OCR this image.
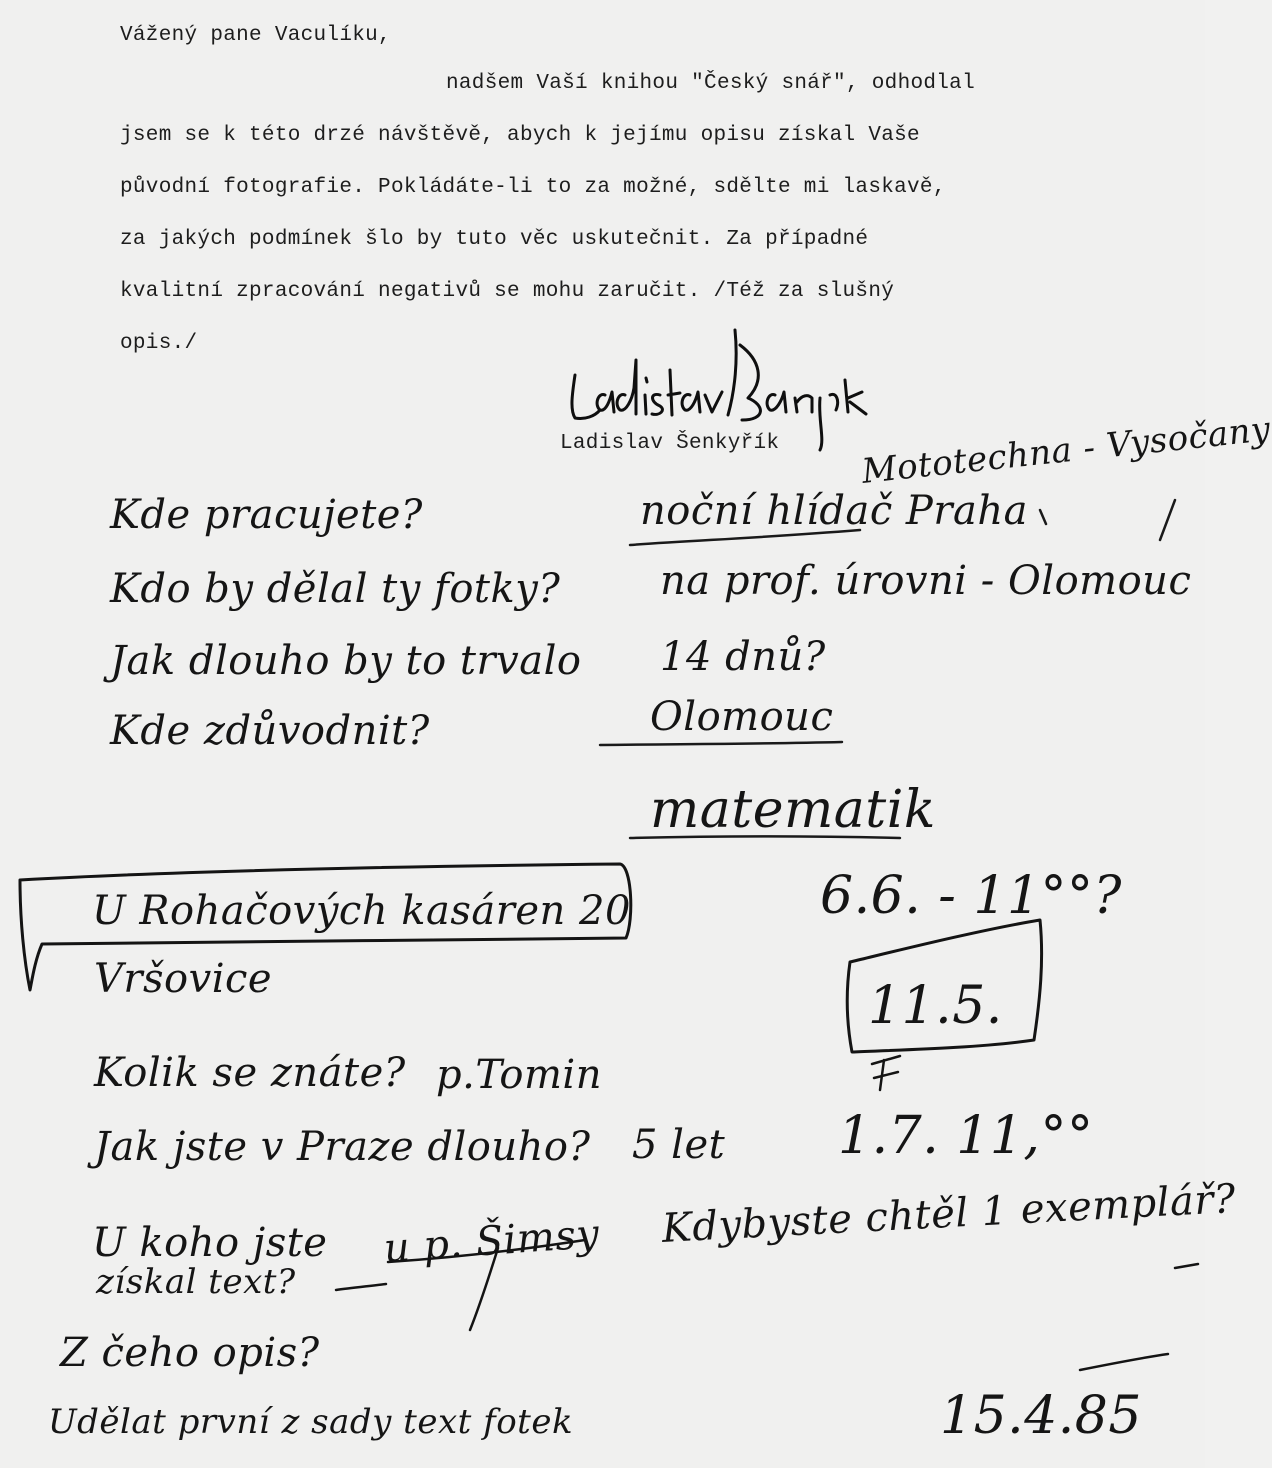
Vážený pane Vaculíku,
nadšem Vaší knihou "Český snář", odhodlal
jsem se k této drzé návštěvě, abych k jejímu opisu získal Vaše
původní fotografie. Pokládáte-li to za možné, sdělte mi laskavě,
za jakých podmínek šlo by tuto věc uskutečnit. Za případné
kvalitní zpracování negativů se mohu zaručit. /Též za slušný
opis./
Ladislav Šenkyřík
Kde pracujete?
Kdo by dělal ty fotky?
Jak dlouho by to trvalo
Kde zdůvodnit?
Mototechna - Vysočany
noční hlídač Praha
na prof. úrovni - Olomouc
14 dnů?
Olomouc
matematik
U Rohačových kasáren 20
Vršovice
6.6. - 11°°?
11.5.
Kolik se znáte? p.Tomin
Jak jste v Praze dlouho? 5 let 1.7. 11,°°
U koho jste
získal text?
u p. Šimsy Kdybyste chtěl 1 exemplář?
Z čeho opis?
Udělat první z sady text fotek	15.4.85
